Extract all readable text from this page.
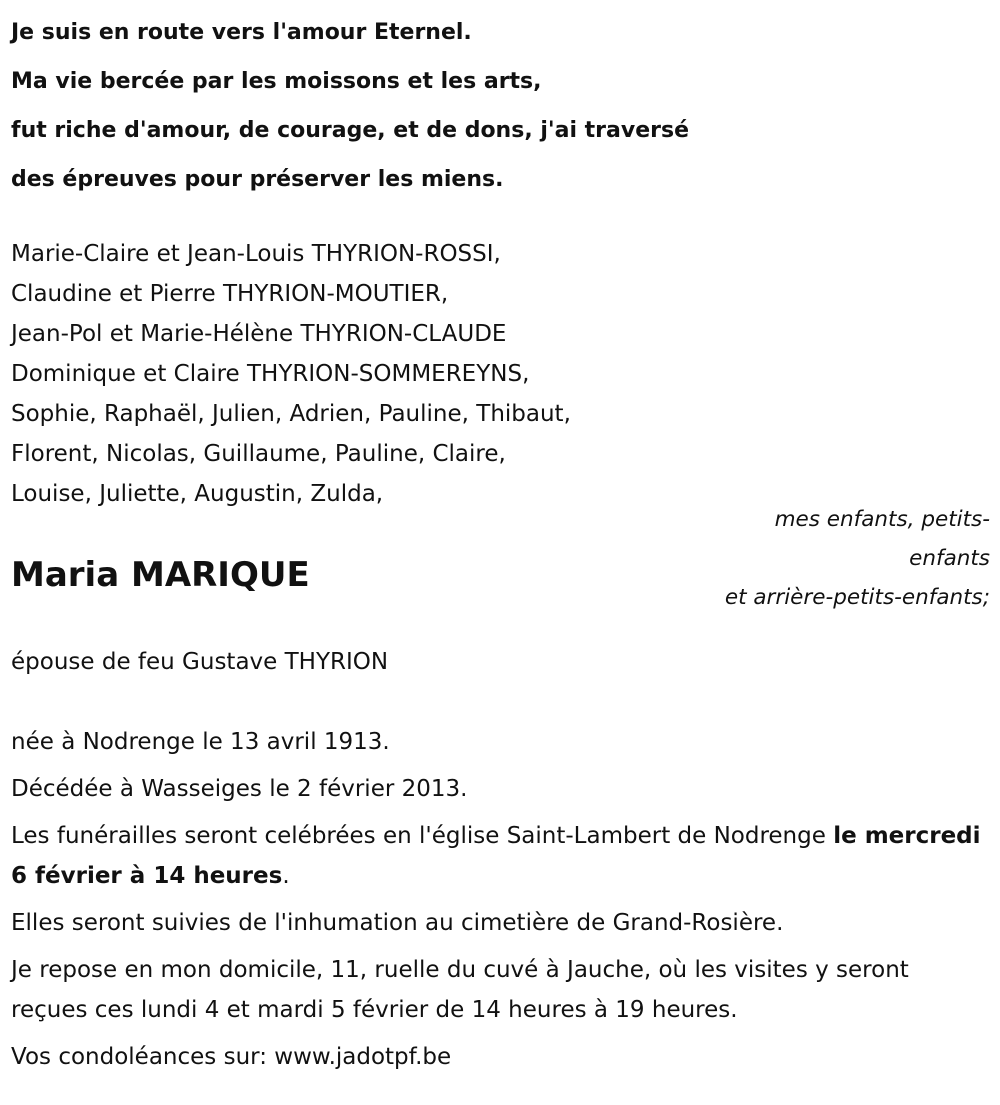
Je suis en route vers l'amour Eternel.
Ma vie bercée par les moissons et les arts,
fut riche d'amour, de courage, et de dons, j'ai traversé
des épreuves pour préserver les miens.
Marie-Claire et Jean-Louis THYRION-ROSSI,
Claudine et Pierre THYRION-MOUTIER,
Jean-Pol et Marie-Hélène THYRION-CLAUDE
Dominique et Claire THYRION-SOMMEREYNS,
Sophie, Raphaël, Julien, Adrien, Pauline, Thibaut,
Florent, Nicolas, Guillaume, Pauline, Claire,
Louise, Juliette, Augustin, Zulda,
mes enfants, petits-enfants
et arrière-petits-enfants;
Maria MARIQUE
épouse de feu Gustave THYRION

née à Nodrenge le 13 avril 1913.

Décédée à Wasseiges le 2 février 2013.

Les funérailles seront celébrées en l'église Saint-Lambert de Nodrenge le mercredi 6 février à 14 heures.

Elles seront suivies de l'inhumation au cimetière de Grand-Rosière.

Je repose en mon domicile, 11, ruelle du cuvé à Jauche, où les visites y seront reçues ces lundi 4 et mardi 5 février de 14 heures à 19 heures.

Vos condoléances sur: www.jadotpf.be
